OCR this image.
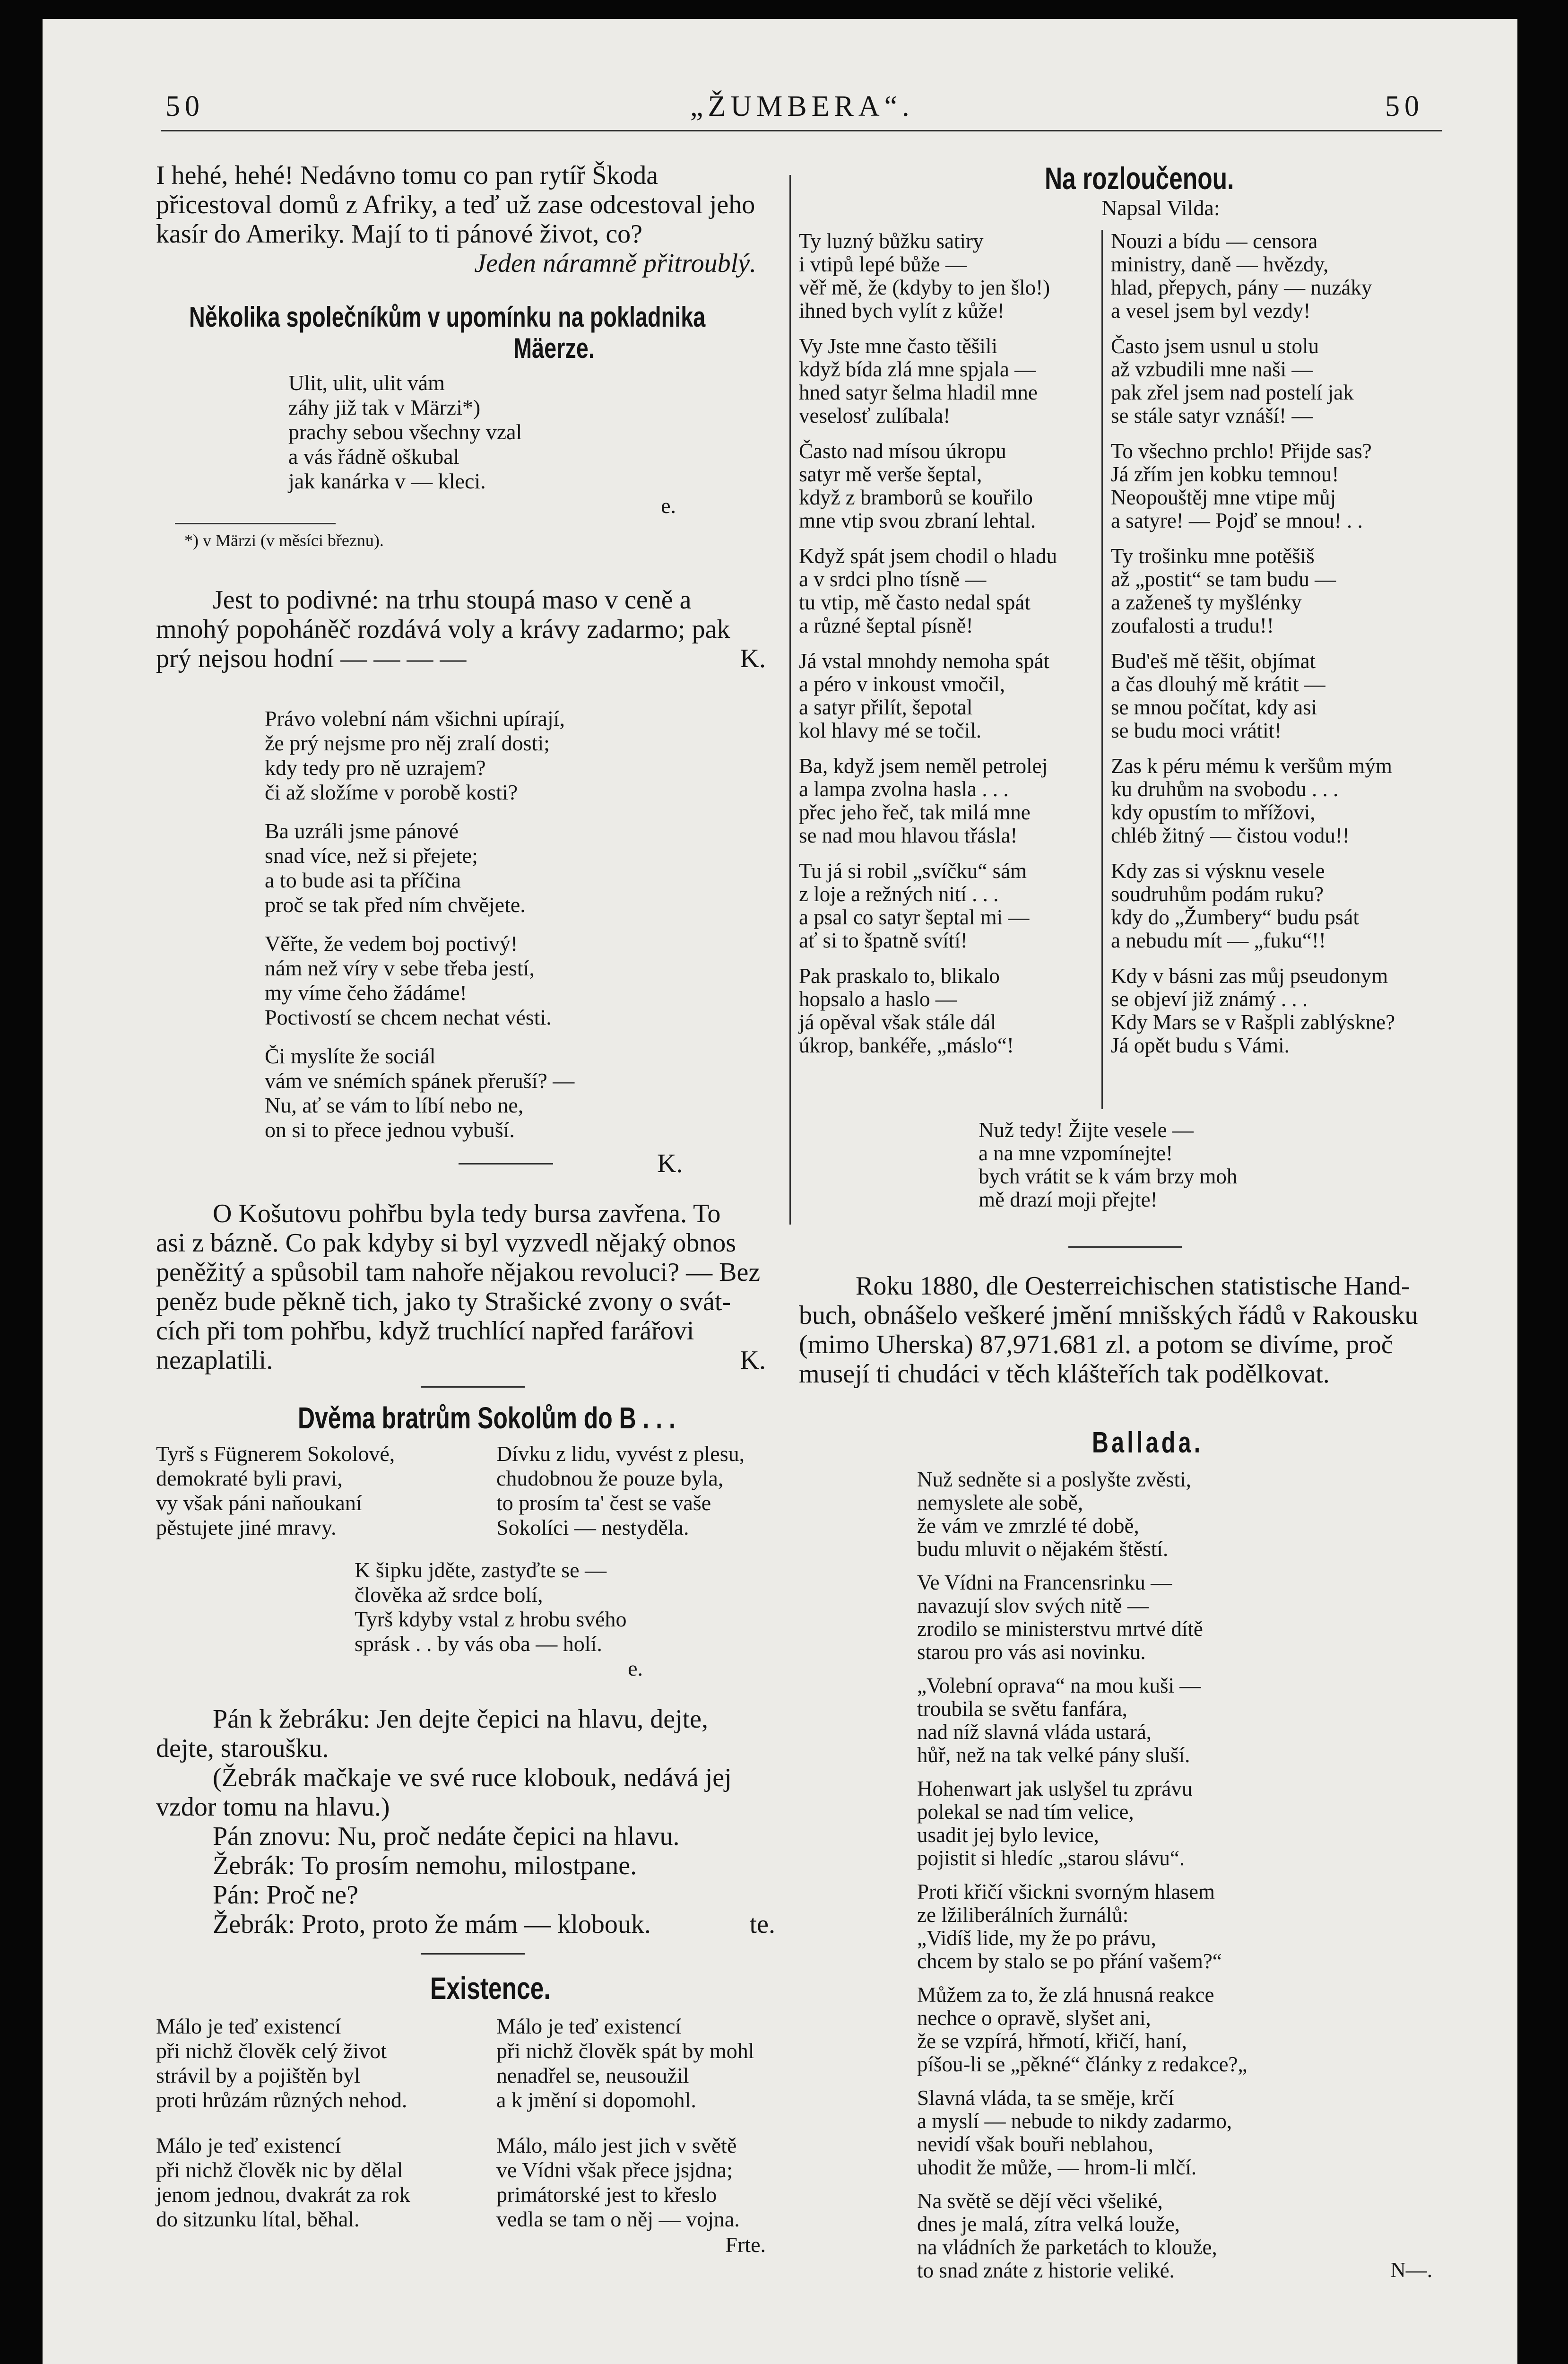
50	„ŽUMBERA“.	50
I hehé, hehé! Nedávno tomu co pan rytíř Škoda
přicestoval domů z Afriky, a teď už zase odcestoval jeho
kasír do Ameriky. Mají to ti pánové život, co?
Jeden náramně přitroublý.
Několika společníkům v upomínku na pokladnika
Mäerze.
Ulit, ulit, ulit vám
záhy již tak v Märzi*)
prachy sebou všechny vzal
a vás řádně oškubal
jak kanárka v — kleci.
e.
*) v Märzi (v měsíci březnu).
Jest to podivné: na trhu stoupá maso v ceně a
mnohý popoháněč rozdává voly a krávy zadarmo; pak
prý nejsou hodní — — — —	K.
Právo volební nám všichni upírají,
že prý nejsme pro něj zralí dosti;
kdy tedy pro ně uzrajem?
či až složíme v porobě kosti?
Ba uzráli jsme pánové
snad více, než si přejete;
a to bude asi ta příčina
proč se tak před ním chvějete.
Věřte, že vedem boj poctivý!
nám než víry v sebe třeba jestí,
my víme čeho žádáme!
Poctivostí se chcem nechat vésti.
Či myslíte že sociál
vám ve snémích spánek přeruší? —
Nu, ať se vám to líbí nebo ne,
on si to přece jednou vybuší.
K.
O Košutovu pohřbu byla tedy bursa zavřena. To
asi z bázně. Co pak kdyby si byl vyzvedl nějaký obnos
peněžitý a spůsobil tam nahoře nějakou revoluci? — Bez
peněz bude pěkně tich, jako ty Strašické zvony o svát-
cích při tom pohřbu, když truchlící napřed farářovi
nezaplatili.	K.
Dvěma bratrům Sokolům do B . . .
Tyrš s Fügnerem Sokolové,
demokraté byli pravi,
vy však páni naňoukaní
pěstujete jiné mravy.
Dívku z lidu, vyvést z plesu,
chudobnou že pouze byla,
to prosím ta' čest se vaše
Sokolíci — nestyděla.
K šipku jděte, zastyďte se —
člověka až srdce bolí,
Tyrš kdyby vstal z hrobu svého
sprásk . . by vás oba — holí.
e.
Pán k žebráku: Jen dejte čepici na hlavu, dejte,
dejte, staroušku.
(Žebrák mačkaje ve své ruce klobouk, nedává jej
vzdor tomu na hlavu.)
Pán znovu: Nu, proč nedáte čepici na hlavu.
Žebrák: To prosím nemohu, milostpane.
Pán: Proč ne?
Žebrák: Proto, proto že mám — klobouk.	te.
Existence.
Málo je teď existencí
při nichž člověk celý život
strávil by a pojištěn byl
proti hrůzám různých nehod.
Málo je teď existencí
při nichž člověk spát by mohl
nenadřel se, neusoužil
a k jmění si dopomohl.
Málo je teď existencí
při nichž člověk nic by dělal
jenom jednou, dvakrát za rok
do sitzunku lítal, běhal.
Málo, málo jest jich v světě
ve Vídni však přece jsjdna;
primátorské jest to křeslo
vedla se tam o něj — vojna.
Frte.
Na rozloučenou.
Napsal Vilda:
Ty luzný bůžku satiry
i vtipů lepé bůže —
věř mě, že (kdyby to jen šlo!)
ihned bych vylít z kůže!
Vy Jste mne často těšili
když bída zlá mne spjala —
hned satyr šelma hladil mne
veselosť zulíbala!
Často nad mísou úkropu
satyr mě verše šeptal,
když z bramborů se kouřilo
mne vtip svou zbraní lehtal.
Když spát jsem chodil o hladu
a v srdci plno tísně —
tu vtip, mě často nedal spát
a různé šeptal písně!
Já vstal mnohdy nemoha spát
a péro v inkoust vmočil,
a satyr přilít, šepotal
kol hlavy mé se točil.
Ba, když jsem neměl petrolej
a lampa zvolna hasla . . .
přec jeho řeč, tak milá mne
se nad mou hlavou třásla!
Tu já si robil „svíčku“ sám
z loje a režných nití . . .
a psal co satyr šeptal mi —
ať si to špatně svítí!
Pak praskalo to, blikalo
hopsalo a haslo —
já opěval však stále dál
úkrop, bankéře, „máslo“!
Nouzi a bídu — censora
ministry, daně — hvězdy,
hlad, přepych, pány — nuzáky
a vesel jsem byl vezdy!
Často jsem usnul u stolu
až vzbudili mne naši —
pak zřel jsem nad postelí jak
se stále satyr vznáší! —
To všechno prchlo! Přijde sas?
Já zřím jen kobku temnou!
Neopouštěj mne vtipe můj
a satyre! — Pojď se mnou! . .
Ty trošinku mne potěšiš
až „postit“ se tam budu —
a zaženeš ty myšlénky
zoufalosti a trudu!!
Bud'eš mě těšit, objímat
a čas dlouhý mě krátit —
se mnou počítat, kdy asi
se budu moci vrátit!
Zas k péru mému k veršům mým
ku druhům na svobodu . . .
kdy opustím to mřížovi,
chléb žitný — čistou vodu!!
Kdy zas si výsknu vesele
soudruhům podám ruku?
kdy do „Žumbery“ budu psát
a nebudu mít — „fuku“!!
Kdy v básni zas můj pseudonym
se objeví již známý . . .
Kdy Mars se v Rašpli zablýskne?
Já opět budu s Vámi.
Nuž tedy! Žijte vesele —
a na mne vzpomínejte!
bych vrátit se k vám brzy moh
mě drazí moji přejte!
Roku 1880, dle Oesterreichischen statistische Hand-
buch, obnášelo veškeré jmění mnišských řádů v Rakousku
(mimo Uherska) 87,971.681 zl. a potom se divíme, proč
musejí ti chudáci v těch klášteřích tak podělkovat.
Ballada.
Nuž sedněte si a poslyšte zvěsti,
nemyslete ale sobě,
že vám ve zmrzlé té době,
budu mluvit o nějakém štěstí.
Ve Vídni na Francensrinku —
navazují slov svých nitě —
zrodilo se ministerstvu mrtvé dítě
starou pro vás asi novinku.
„Volební oprava“ na mou kuši —
troubila se světu fanfára,
nad níž slavná vláda ustará,
hůř, než na tak velké pány sluší.
Hohenwart jak uslyšel tu zprávu
polekal se nad tím velice,
usadit jej bylo levice,
pojistit si hledíc „starou slávu“.
Proti křičí všickni svorným hlasem
ze lžiliberálních žurnálů:
„Vidíš lide, my že po právu,
chcem by stalo se po přání vašem?“
Můžem za to, že zlá hnusná reakce
nechce o opravě, slyšet ani,
že se vzpírá, hřmotí, křičí, haní,
píšou-li se „pěkné“ články z redakce?„
Slavná vláda, ta se směje, krčí
a myslí — nebude to nikdy zadarmo,
nevidí však bouři neblahou,
uhodit že může, — hrom-li mlčí.
Na světě se dějí věci všeliké,
dnes je malá, zítra velká louže,
na vládních že parketách to klouže,
to snad znáte z historie veliké.	N—.
